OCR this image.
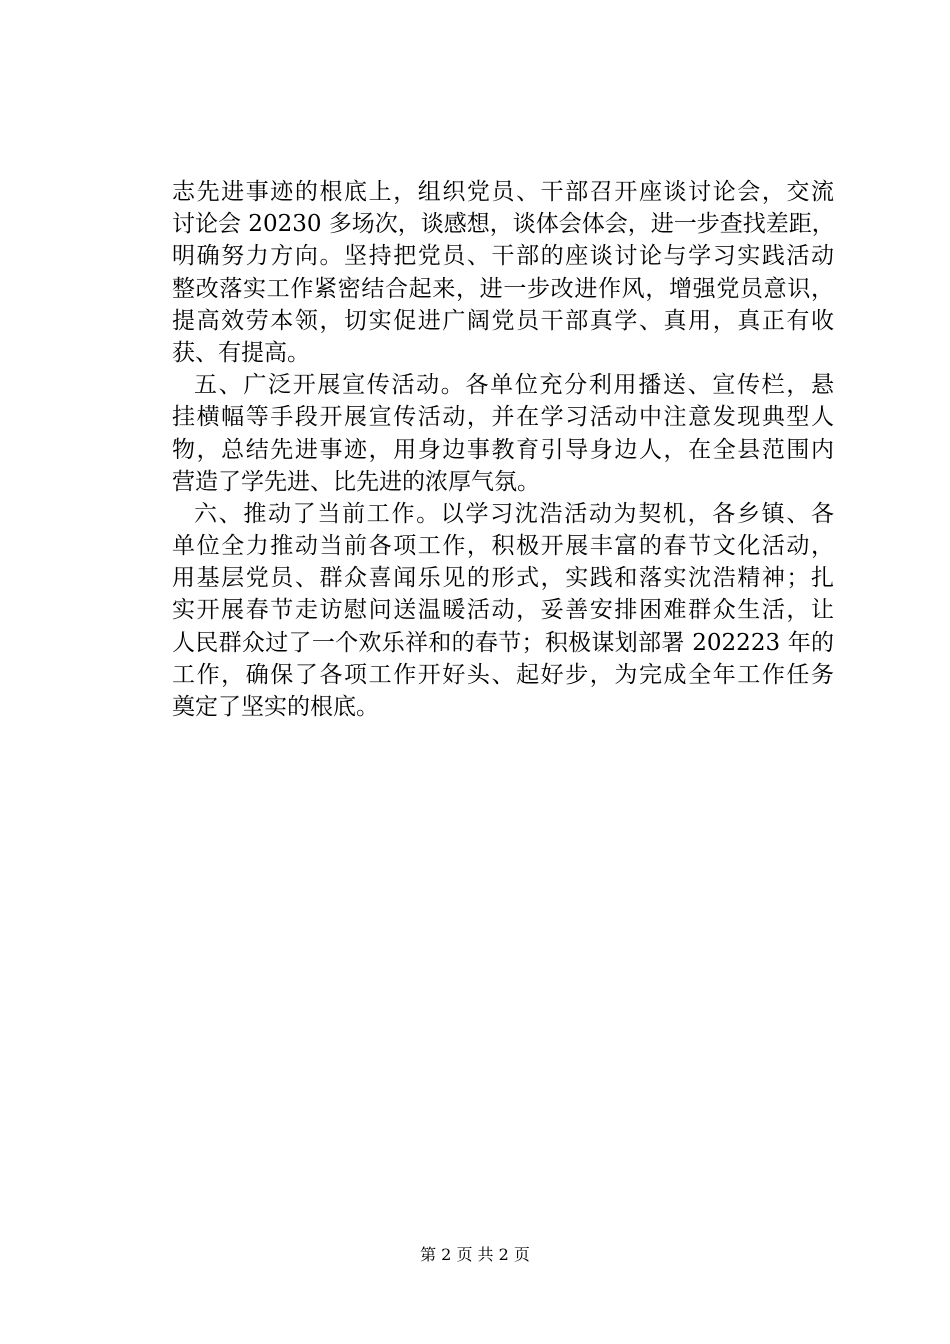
志先进事迹的根底上，组织党员、干部召开座谈讨论会，交流
讨论会 20230 多场次，谈感想，谈体会体会，进一步查找差距，
明确努力方向。坚持把党员、干部的座谈讨论与学习实践活动
整改落实工作紧密结合起来，进一步改进作风，增强党员意识，
提高效劳本领，切实促进广阔党员干部真学、真用，真正有收
获、有提高。
五、广泛开展宣传活动。各单位充分利用播送、宣传栏，悬
挂横幅等手段开展宣传活动，并在学习活动中注意发现典型人
物，总结先进事迹，用身边事教育引导身边人，在全县范围内
营造了学先进、比先进的浓厚气氛。
六、推动了当前工作。以学习沈浩活动为契机，各乡镇、各
单位全力推动当前各项工作，积极开展丰富的春节文化活动，
用基层党员、群众喜闻乐见的形式，实践和落实沈浩精神；扎
实开展春节走访慰问送温暖活动，妥善安排困难群众生活，让
人民群众过了一个欢乐祥和的春节；积极谋划部署 202223 年的
工作，确保了各项工作开好头、起好步，为完成全年工作任务
奠定了坚实的根底。
第 2 页 共 2 页
